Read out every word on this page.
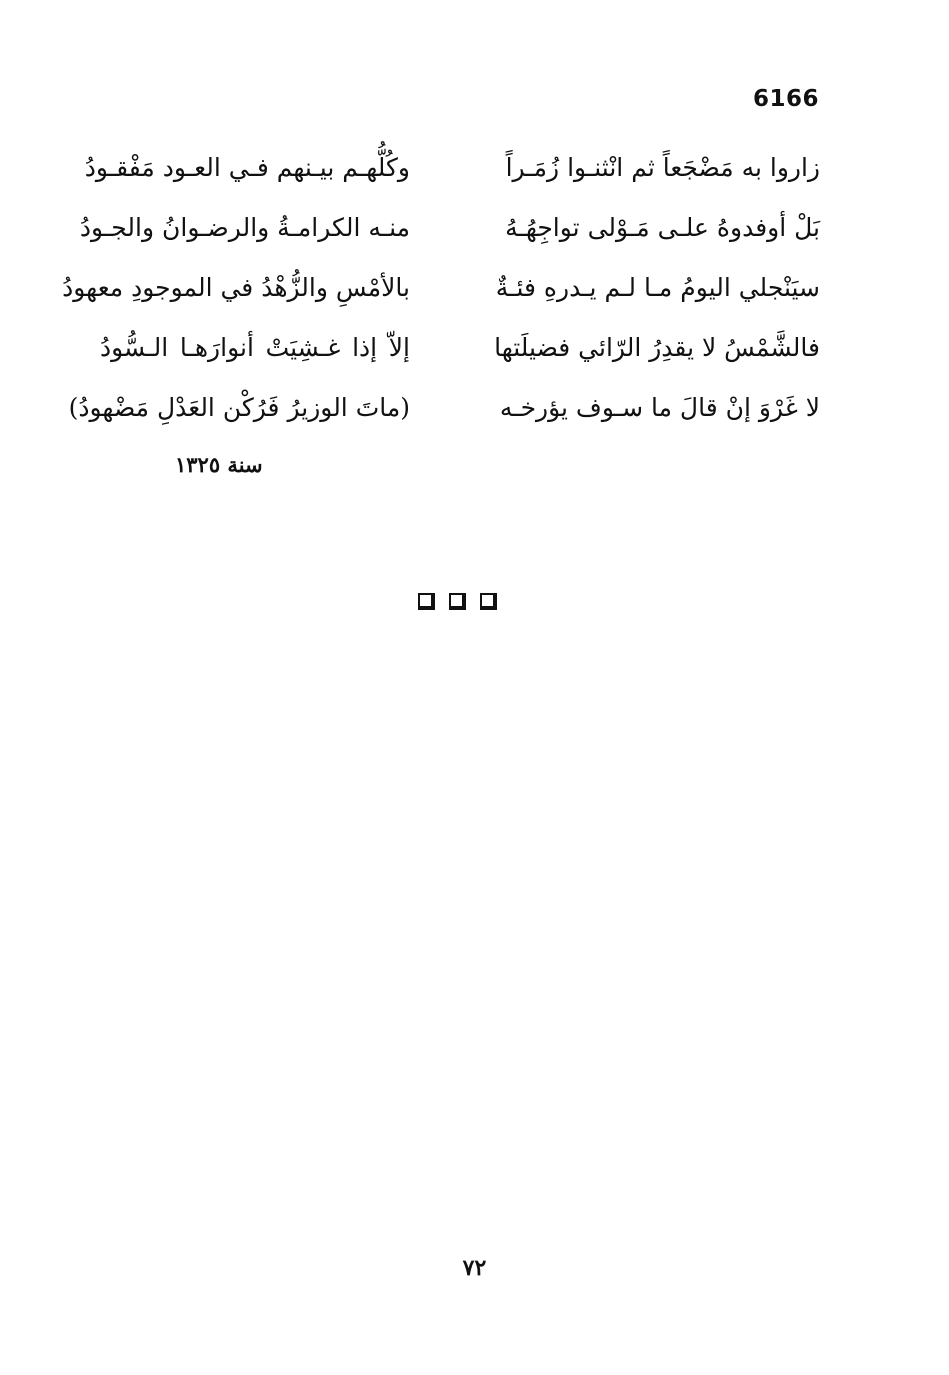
6166
زاروا به مَضْجَعاً ثم انْثنـوا زُمَـراً
وكُلُّهـم بيـنهم فـي العـود مَفْقـودُ
بَلْ أوفدوهُ علـى مَـوْلى تواجِهُـهُ
منـه الكرامـةُ والرضـوانُ والجـودُ
سيَنْجلي اليومُ مـا لـم يـدرهِ فئـةٌ
بالأمْسِ والزُّهْدُ في الموجودِ معهودُ
فالشَّمْسُ لا يقدِرُ الرّائي فضيلَتها
إلاّ إذا غـشِيَتْ أنوارَهـا الـسُّودُ
لا غَرْوَ إنْ قالَ ما سـوف يؤرخـه
(ماتَ الوزيرُ فَرُكْن العَدْلِ مَضْهودُ)
سنة ١٣٢٥
٧٢
